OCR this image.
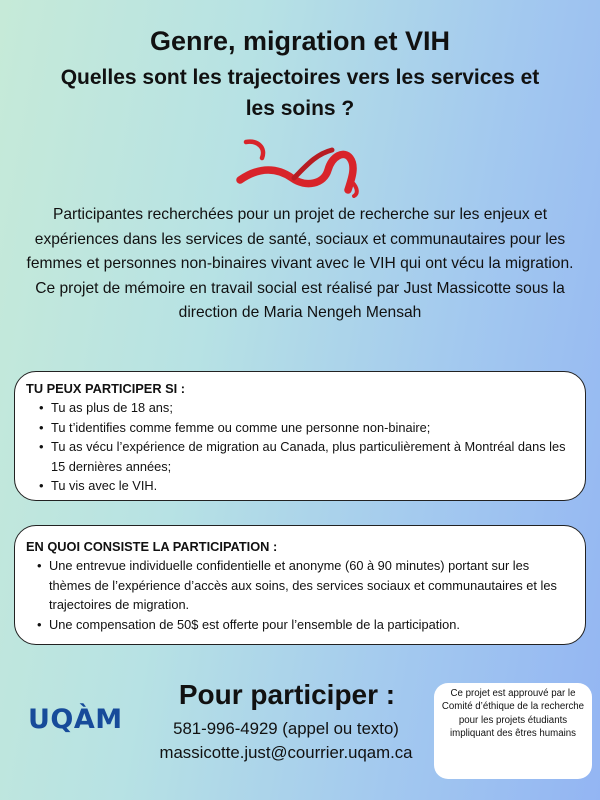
Genre, migration et VIH
Quelles sont les trajectoires vers les services et les soins ?

Participantes recherchées pour un projet de recherche sur les enjeux et expériences dans les services de santé, sociaux et communautaires pour les femmes et personnes non-binaires vivant avec le VIH qui ont vécu la migration.

Ce projet de mémoire en travail social est réalisé par Just Massicotte sous la direction de Maria Nengeh Mensah

TU PEUX PARTICIPER SI :
• Tu as plus de 18 ans;
• Tu t’identifies comme femme ou comme une personne non-binaire;
• Tu as vécu l’expérience de migration au Canada, plus particulièrement à Montréal dans les 15 dernières années;
• Tu vis avec le VIH.
EN QUOI CONSISTE LA PARTICIPATION :
• Une entrevue individuelle confidentielle et anonyme (60 à 90 minutes) portant sur les thèmes de l’expérience d’accès aux soins, des services sociaux et communautaires et les trajectoires de migration.
• Une compensation de 50$ est offerte pour l’ensemble de la participation.
UQÀM
Pour participer :
581-996-4929 (appel ou texto)
massicotte.just@courrier.uqam.ca
Ce projet est approuvé par le Comité d’éthique de la recherche pour les projets étudiants impliquant des êtres humains
